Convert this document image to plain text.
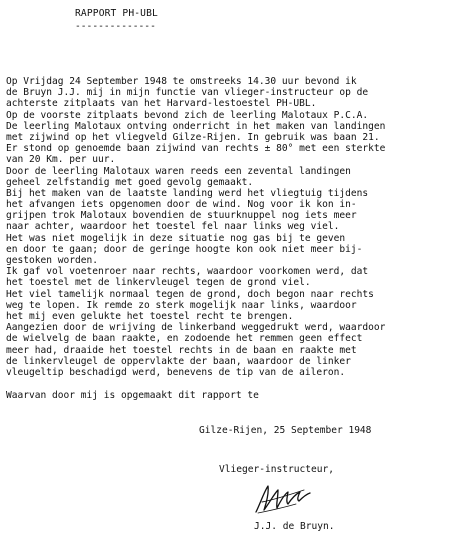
RAPPORT PH-UBL
--------------
Op Vrijdag 24 September 1948 te omstreeks 14.30 uur bevond ik
de Bruyn J.J. mij in mijn functie van vlieger-instructeur op de
achterste zitplaats van het Harvard-lestoestel PH-UBL.
Op de voorste zitplaats bevond zich de leerling Malotaux P.C.A.
De leerling Malotaux ontving onderricht in het maken van landingen
met zijwind op het vliegveld Gilze-Rijen. In gebruik was baan 21.
Er stond op genoemde baan zijwind van rechts ± 80° met een sterkte
van 20 Km. per uur.
Door de leerling Malotaux waren reeds een zevental landingen
geheel zelfstandig met goed gevolg gemaakt.
Bij het maken van de laatste landing werd het vliegtuig tijdens
het afvangen iets opgenomen door de wind. Nog voor ik kon in-
grijpen trok Malotaux bovendien de stuurknuppel nog iets meer
naar achter, waardoor het toestel fel naar links weg viel.
Het was niet mogelijk in deze situatie nog gas bij te geven
en door te gaan; door de geringe hoogte kon ook niet meer bij-
gestoken worden.
Ik gaf vol voetenroer naar rechts, waardoor voorkomen werd, dat
het toestel met de linkervleugel tegen de grond viel.
Het viel tamelijk normaal tegen de grond, doch begon naar rechts
weg te lopen. Ik remde zo sterk mogelijk naar links, waardoor
het mij even gelukte het toestel recht te brengen.
Aangezien door de wrijving de linkerband weggedrukt werd, waardoor
de wielvelg de baan raakte, en zodoende het remmen geen effect
meer had, draaide het toestel rechts in de baan en raakte met
de linkervleugel de oppervlakte der baan, waardoor de linker
vleugeltip beschadigd werd, benevens de tip van de aileron.
Waarvan door mij is opgemaakt dit rapport te
Gilze-Rijen, 25 September 1948
Vlieger-instructeur,
J.J. de Bruyn.
